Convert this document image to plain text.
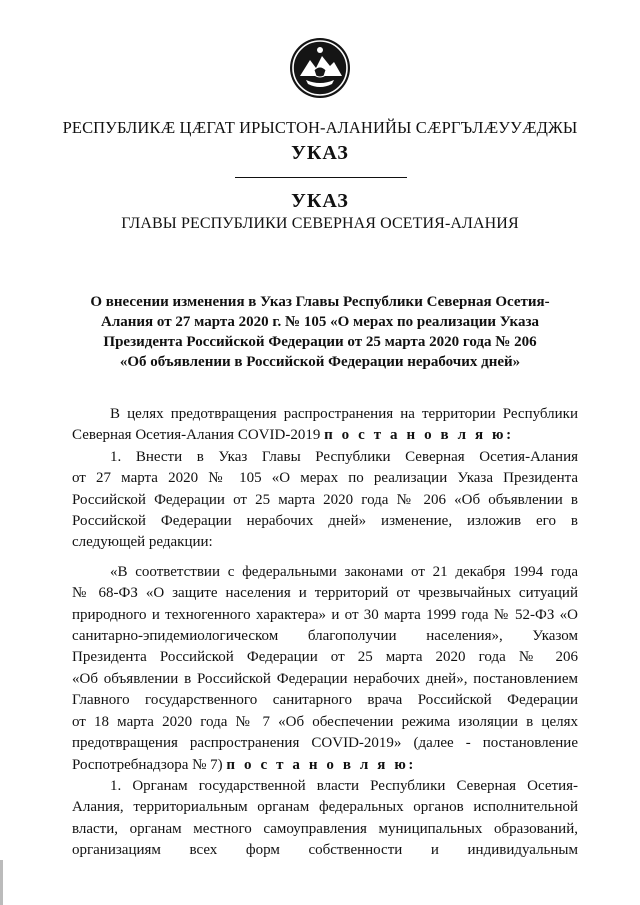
РЕСПУБЛИКӔ ЦӔГАТ ИРЫСТОН-АЛАНИЙЫ СӔРГЪЛӔУУӔДЖЫ
УКАЗ
УКАЗ
ГЛАВЫ РЕСПУБЛИКИ СЕВЕРНАЯ ОСЕТИЯ-АЛАНИЯ
О внесении изменения в Указ Главы Республики Северная Осетия-
Алания от 27 марта 2020 г. № 105 «О мерах по реализации Указа
Президента Российской Федерации от 25 марта 2020 года № 206
«Об объявлении в Российской Федерации нерабочих дней»

В целях предотвращения распространения на территории Республики

Северная Осетия-Алания COVID-2019 п о с т а н о в л я ю:

1. Внести в Указ Главы Республики Северная Осетия-Алания

от 27 марта 2020 № 105 «О мерах по реализации Указа Президента

Российской Федерации от 25 марта 2020 года № 206 «Об объявлении в

Российской Федерации нерабочих дней» изменение, изложив его в

следующей редакции:

«В соответствии с федеральными законами от 21 декабря 1994 года

№ 68-ФЗ «О защите населения и территорий от чрезвычайных ситуаций

природного и техногенного характера» и от 30 марта 1999 года № 52-ФЗ «О

санитарно-эпидемиологическом благополучии населения», Указом

Президента Российской Федерации от 25 марта 2020 года № 206

«Об объявлении в Российской Федерации нерабочих дней», постановлением

Главного государственного санитарного врача Российской Федерации

от 18 марта 2020 года № 7 «Об обеспечении режима изоляции в целях

предотвращения распространения COVID-2019» (далее - постановление

Роспотребнадзора № 7) п о с т а н о в л я ю:

1. Органам государственной власти Республики Северная Осетия-

Алания, территориальным органам федеральных органов исполнительной

власти, органам местного самоуправления муниципальных образований,

организациям всех форм собственности и индивидуальным
